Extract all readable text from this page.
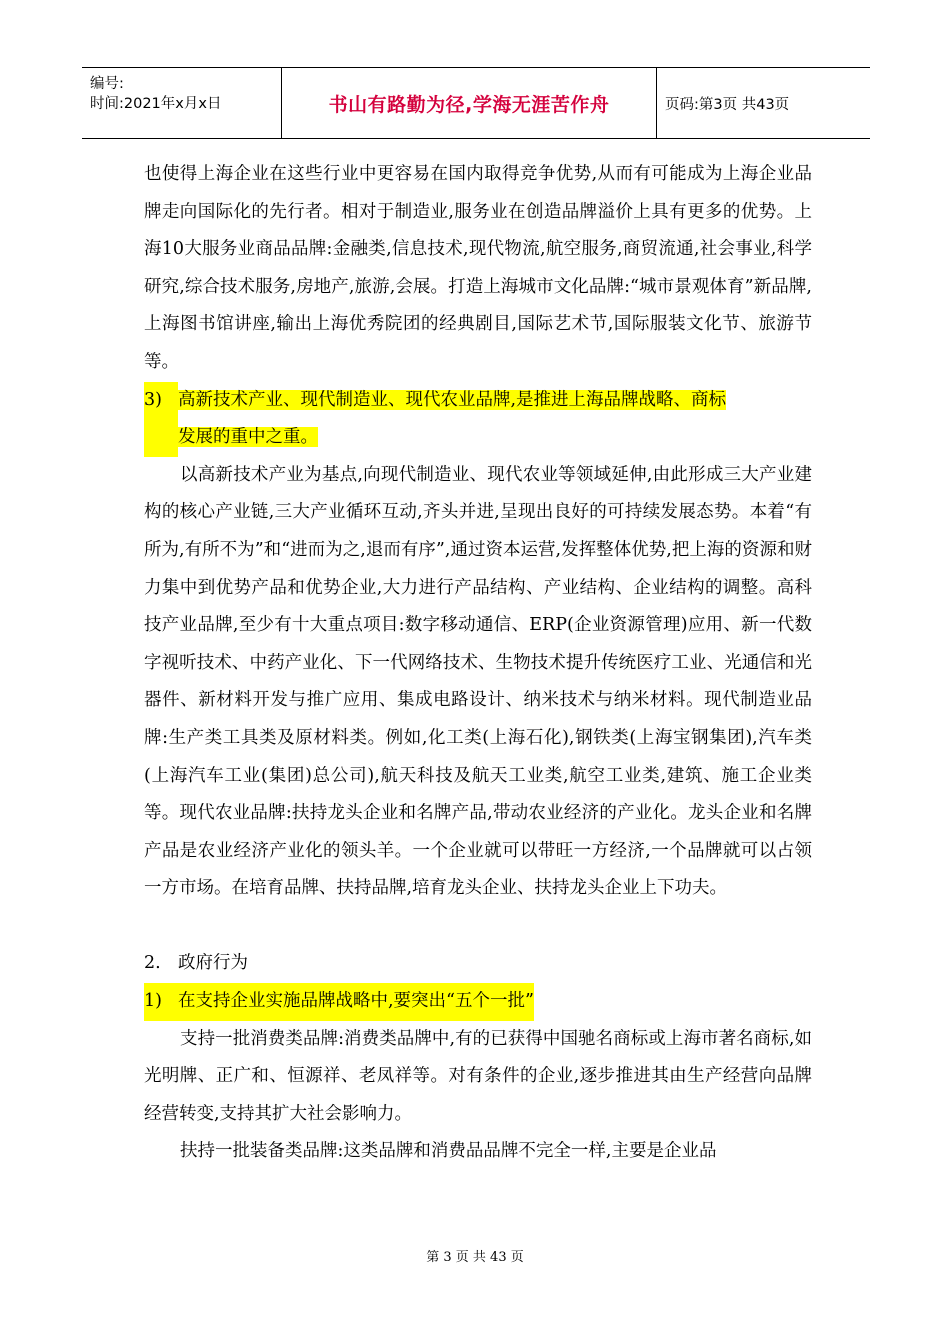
编号:
时间:2021年x月x日	书山有路勤为径,学海无涯苦作舟	页码:第3页 共43页

也使得上海企业在这些行业中更容易在国内取得竞争优势,从而有可能成为上海企业品牌走向国际化的先行者。相对于制造业,服务业在创造品牌溢价上具有更多的优势。上海10大服务业商品品牌:金融类,信息技术,现代物流,航空服务,商贸流通,社会事业,科学研究,综合技术服务,房地产,旅游,会展。打造上海城市文化品牌:“城市景观体育”新品牌,上海图书馆讲座,输出上海优秀院团的经典剧目,国际艺术节,国际服装文化节、旅游节等。

3) 高新技术产业、现代制造业、现代农业品牌,是推进上海品牌战略、商标
发展的重中之重。

以高新技术产业为基点,向现代制造业、现代农业等领域延伸,由此形成三大产业建构的核心产业链,三大产业循环互动,齐头并进,呈现出良好的可持续发展态势。本着“有所为,有所不为”和“进而为之,退而有序”,通过资本运营,发挥整体优势,把上海的资源和财力集中到优势产品和优势企业,大力进行产品结构、产业结构、企业结构的调整。高科技产业品牌,至少有十大重点项目:数字移动通信、ERP(企业资源管理)应用、新一代数字视听技术、中药产业化、下一代网络技术、生物技术提升传统医疗工业、光通信和光器件、新材料开发与推广应用、集成电路设计、纳米技术与纳米材料。现代制造业品牌:生产类工具类及原材料类。例如,化工类(上海石化),钢铁类(上海宝钢集团),汽车类(上海汽车工业(集团)总公司),航天科技及航天工业类,航空工业类,建筑、施工企业类等。现代农业品牌:扶持龙头企业和名牌产品,带动农业经济的产业化。龙头企业和名牌产品是农业经济产业化的领头羊。一个企业就可以带旺一方经济,一个品牌就可以占领一方市场。在培育品牌、扶持品牌,培育龙头企业、扶持龙头企业上下功夫。

2. 政府行为
1) 在支持企业实施品牌战略中,要突出“五个一批”

支持一批消费类品牌:消费类品牌中,有的已获得中国驰名商标或上海市著名商标,如光明牌、正广和、恒源祥、老凤祥等。对有条件的企业,逐步推进其由生产经营向品牌经营转变,支持其扩大社会影响力。

扶持一批装备类品牌:这类品牌和消费品品牌不完全一样,主要是企业品

第 3 页 共 43 页
